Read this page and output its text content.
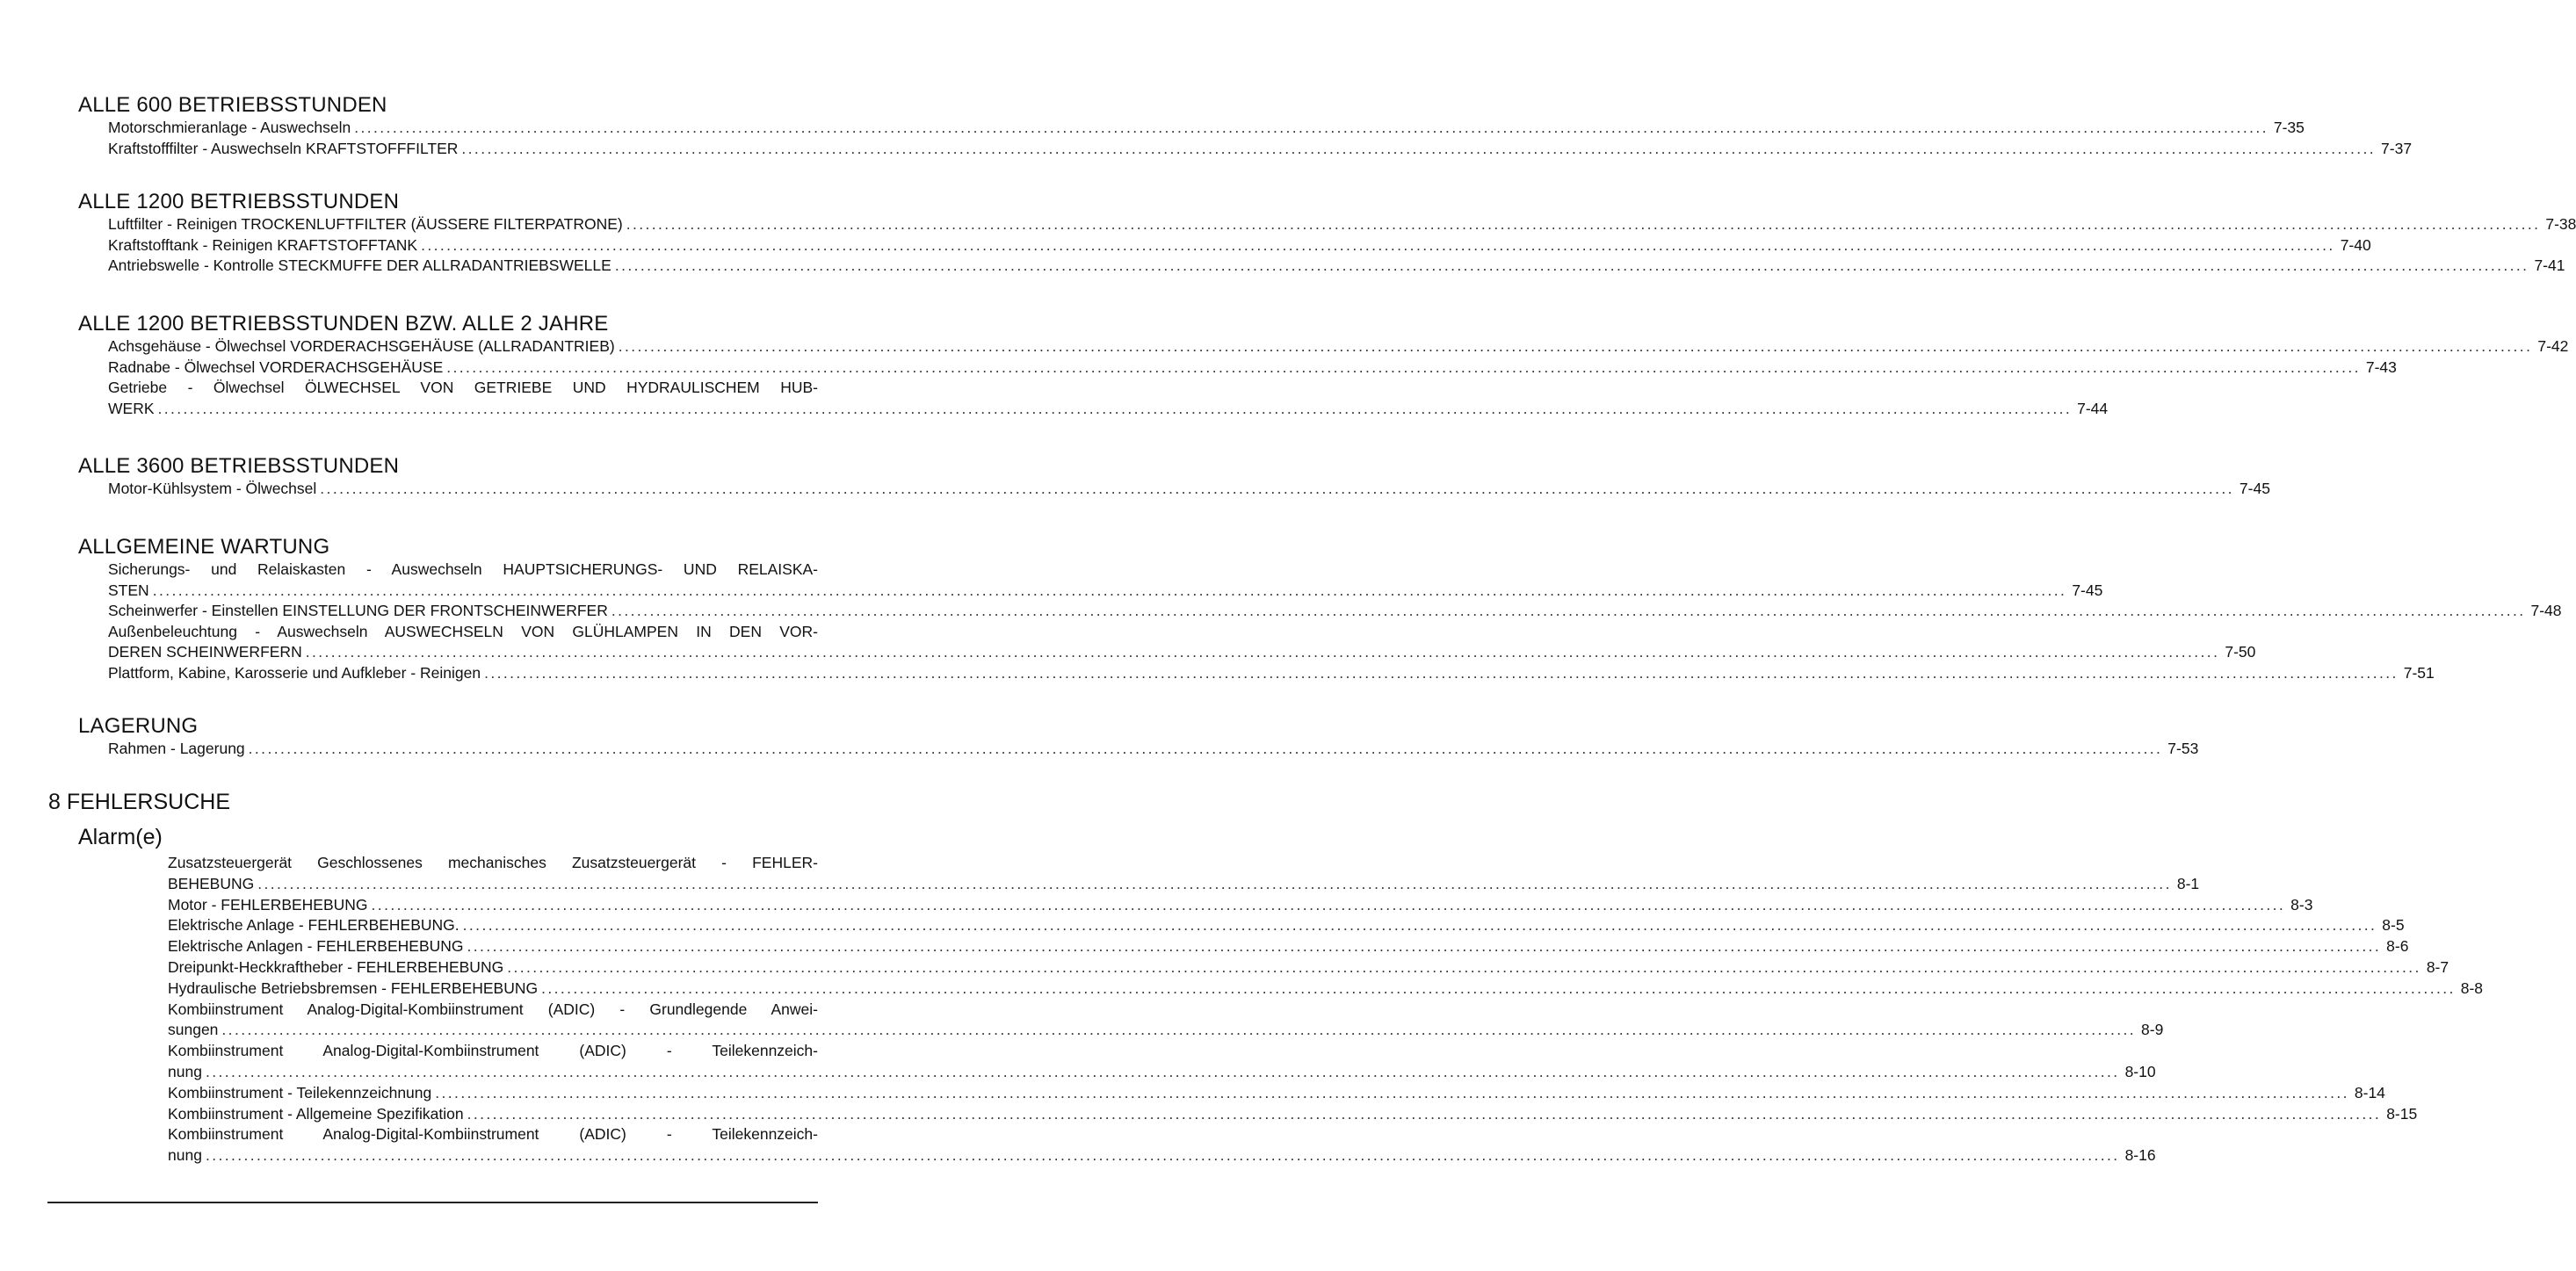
ALLE 600 BETRIEBSSTUNDEN
Motorschmieranlage - Auswechseln ............................................................................................................................................................................................................................................................................................................ 7-35
Kraftstofffilter - Auswechseln KRAFTSTOFFFILTER ............................................................................................................................................................................................................................................................................................................ 7-37
ALLE 1200 BETRIEBSSTUNDEN
Luftfilter - Reinigen TROCKENLUFTFILTER (ÄUSSERE FILTERPATRONE) ............................................................................................................................................................................................................................................................................................................ 7-38
Kraftstofftank - Reinigen KRAFTSTOFFTANK ............................................................................................................................................................................................................................................................................................................ 7-40
Antriebswelle - Kontrolle STECKMUFFE DER ALLRADANTRIEBSWELLE ............................................................................................................................................................................................................................................................................................................ 7-41
ALLE 1200 BETRIEBSSTUNDEN BZW. ALLE 2 JAHRE
Achsgehäuse - Ölwechsel VORDERACHSGEHÄUSE (ALLRADANTRIEB) ............................................................................................................................................................................................................................................................................................................ 7-42
Radnabe - Ölwechsel VORDERACHSGEHÄUSE ............................................................................................................................................................................................................................................................................................................ 7-43
Getriebe - Ölwechsel ÖLWECHSEL VON GETRIEBE UND HYDRAULISCHEM HUB-
WERK ............................................................................................................................................................................................................................................................................................................ 7-44
ALLE 3600 BETRIEBSSTUNDEN
Motor-Kühlsystem - Ölwechsel ............................................................................................................................................................................................................................................................................................................ 7-45
ALLGEMEINE WARTUNG
Sicherungs- und Relaiskasten - Auswechseln HAUPTSICHERUNGS- UND RELAISKA-
STEN ............................................................................................................................................................................................................................................................................................................ 7-45
Scheinwerfer - Einstellen EINSTELLUNG DER FRONTSCHEINWERFER ............................................................................................................................................................................................................................................................................................................ 7-48
Außenbeleuchtung - Auswechseln AUSWECHSELN VON GLÜHLAMPEN IN DEN VOR-
DEREN SCHEINWERFERN ............................................................................................................................................................................................................................................................................................................ 7-50
Plattform, Kabine, Karosserie und Aufkleber - Reinigen ............................................................................................................................................................................................................................................................................................................ 7-51
LAGERUNG
Rahmen - Lagerung ............................................................................................................................................................................................................................................................................................................ 7-53
8 FEHLERSUCHE
Alarm(e)
Zusatzsteuergerät Geschlossenes mechanisches Zusatzsteuergerät - FEHLER-
BEHEBUNG ............................................................................................................................................................................................................................................................................................................ 8-1
Motor - FEHLERBEHEBUNG ............................................................................................................................................................................................................................................................................................................ 8-3
Elektrische Anlage - FEHLERBEHEBUNG. ............................................................................................................................................................................................................................................................................................................ 8-5
Elektrische Anlagen - FEHLERBEHEBUNG ............................................................................................................................................................................................................................................................................................................ 8-6
Dreipunkt-Heckkraftheber - FEHLERBEHEBUNG ............................................................................................................................................................................................................................................................................................................ 8-7
Hydraulische Betriebsbremsen - FEHLERBEHEBUNG ............................................................................................................................................................................................................................................................................................................ 8-8
Kombiinstrument Analog-Digital-Kombiinstrument (ADIC) - Grundlegende Anwei-
sungen ............................................................................................................................................................................................................................................................................................................ 8-9
Kombiinstrument Analog-Digital-Kombiinstrument (ADIC) - Teilekennzeich-
nung ............................................................................................................................................................................................................................................................................................................ 8-10
Kombiinstrument - Teilekennzeichnung ............................................................................................................................................................................................................................................................................................................ 8-14
Kombiinstrument - Allgemeine Spezifikation ............................................................................................................................................................................................................................................................................................................ 8-15
Kombiinstrument Analog-Digital-Kombiinstrument (ADIC) - Teilekennzeich-
nung ............................................................................................................................................................................................................................................................................................................ 8-16
